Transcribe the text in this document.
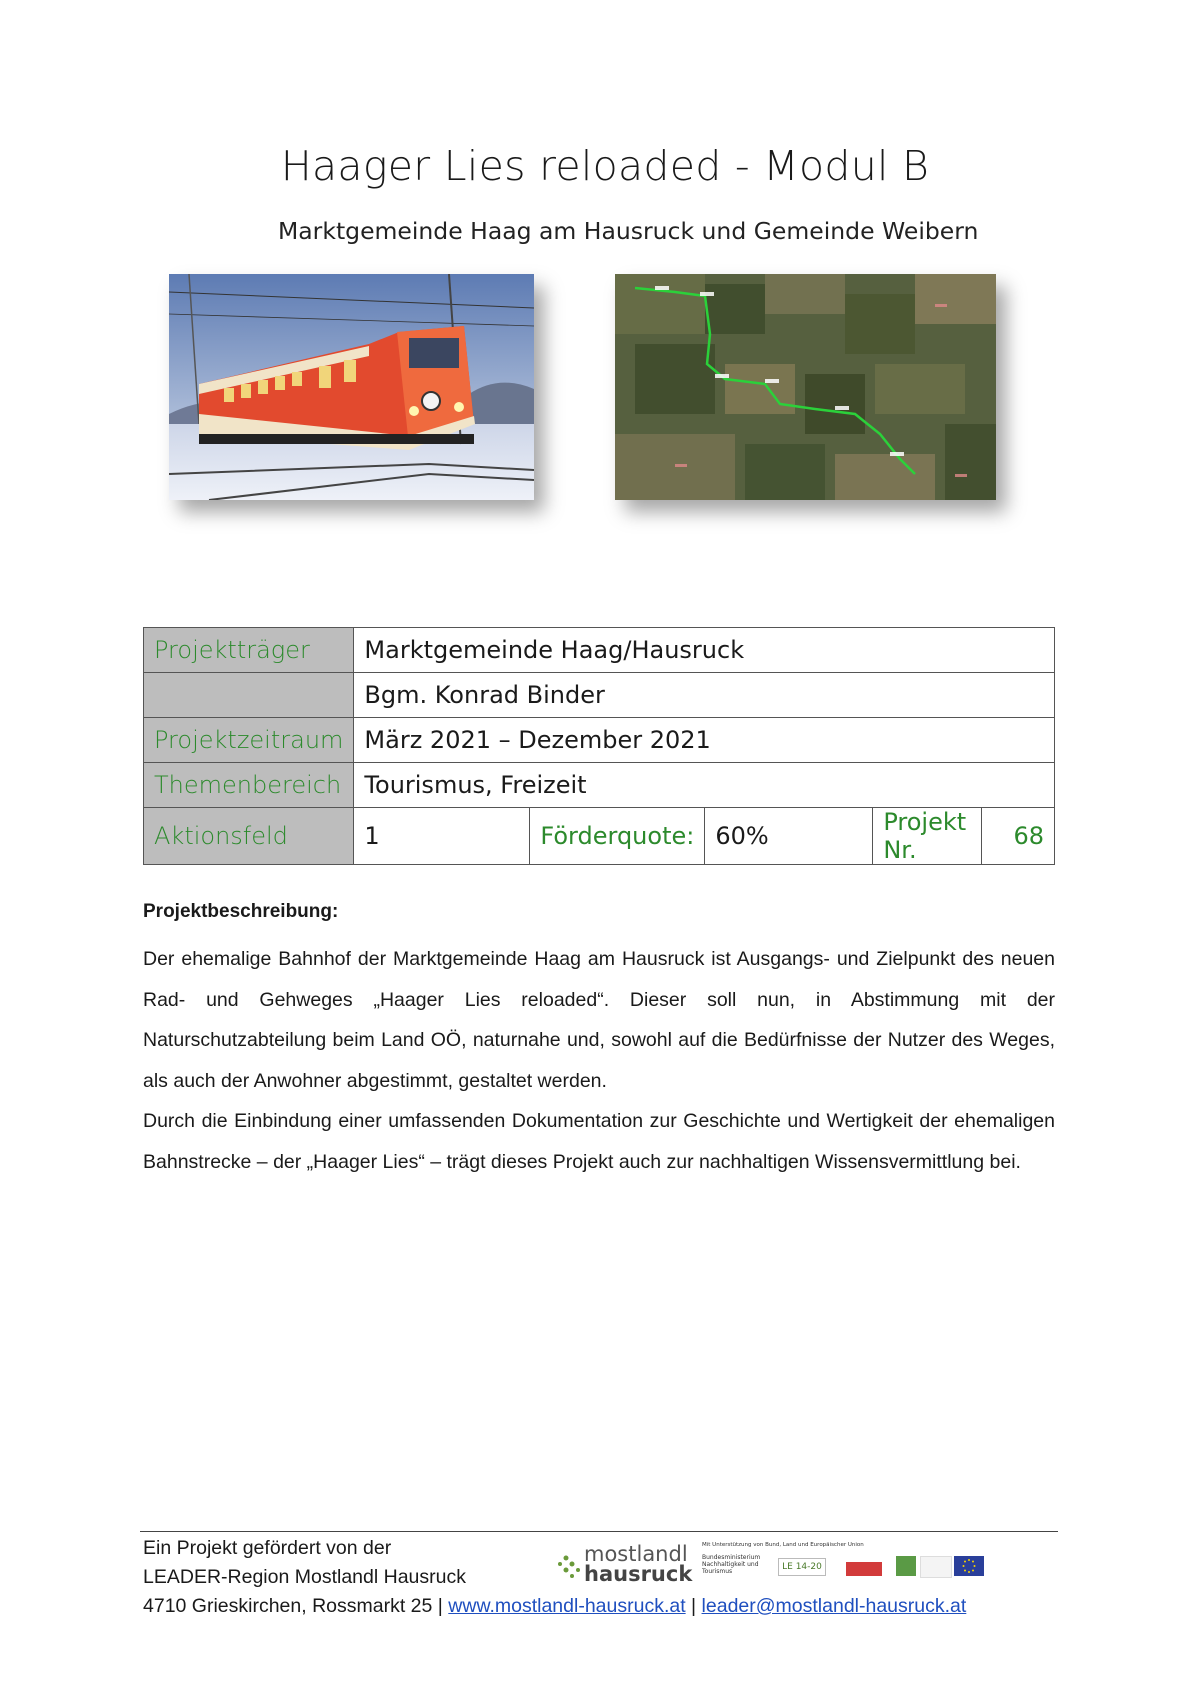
Haager Lies reloaded - Modul B
Marktgemeinde Haag am Hausruck und Gemeinde Weibern
Projektträger	Marktgemeinde Haag/Hausruck				
	Bgm. Konrad Binder				
Projektzeitraum	März 2021 – Dezember 2021				
Themenbereich	Tourismus, Freizeit				
Aktionsfeld	1	Förderquote:	60%	Projekt Nr.	68
Projektbeschreibung:

Der ehemalige Bahnhof der Marktgemeinde Haag am Hausruck ist Ausgangs- und Zielpunkt des neuen Rad- und Gehweges „Haager Lies reloaded“. Dieser soll nun, in Abstimmung mit der Naturschutzabteilung beim Land OÖ, naturnahe und, sowohl auf die Bedürfnisse der Nutzer des Weges, als auch der Anwohner abgestimmt, gestaltet werden.

Durch die Einbindung einer umfassenden Dokumentation zur Geschichte und Wertigkeit der ehemaligen Bahnstrecke – der „Haager Lies“ – trägt dieses Projekt auch zur nachhaltigen Wissensvermittlung bei.

Ein Projekt gefördert von der
LEADER-Region Mostlandl Hausruck
4710 Grieskirchen, Rossmarkt 25 | www.mostlandl-hausruck.at | leader@mostlandl-hausruck.at
mostlandl
hausruck
Mit Unterstützung von Bund, Land und Europäischer Union
Bundesministerium Nachhaltigkeit und Tourismus	LE 14-20
